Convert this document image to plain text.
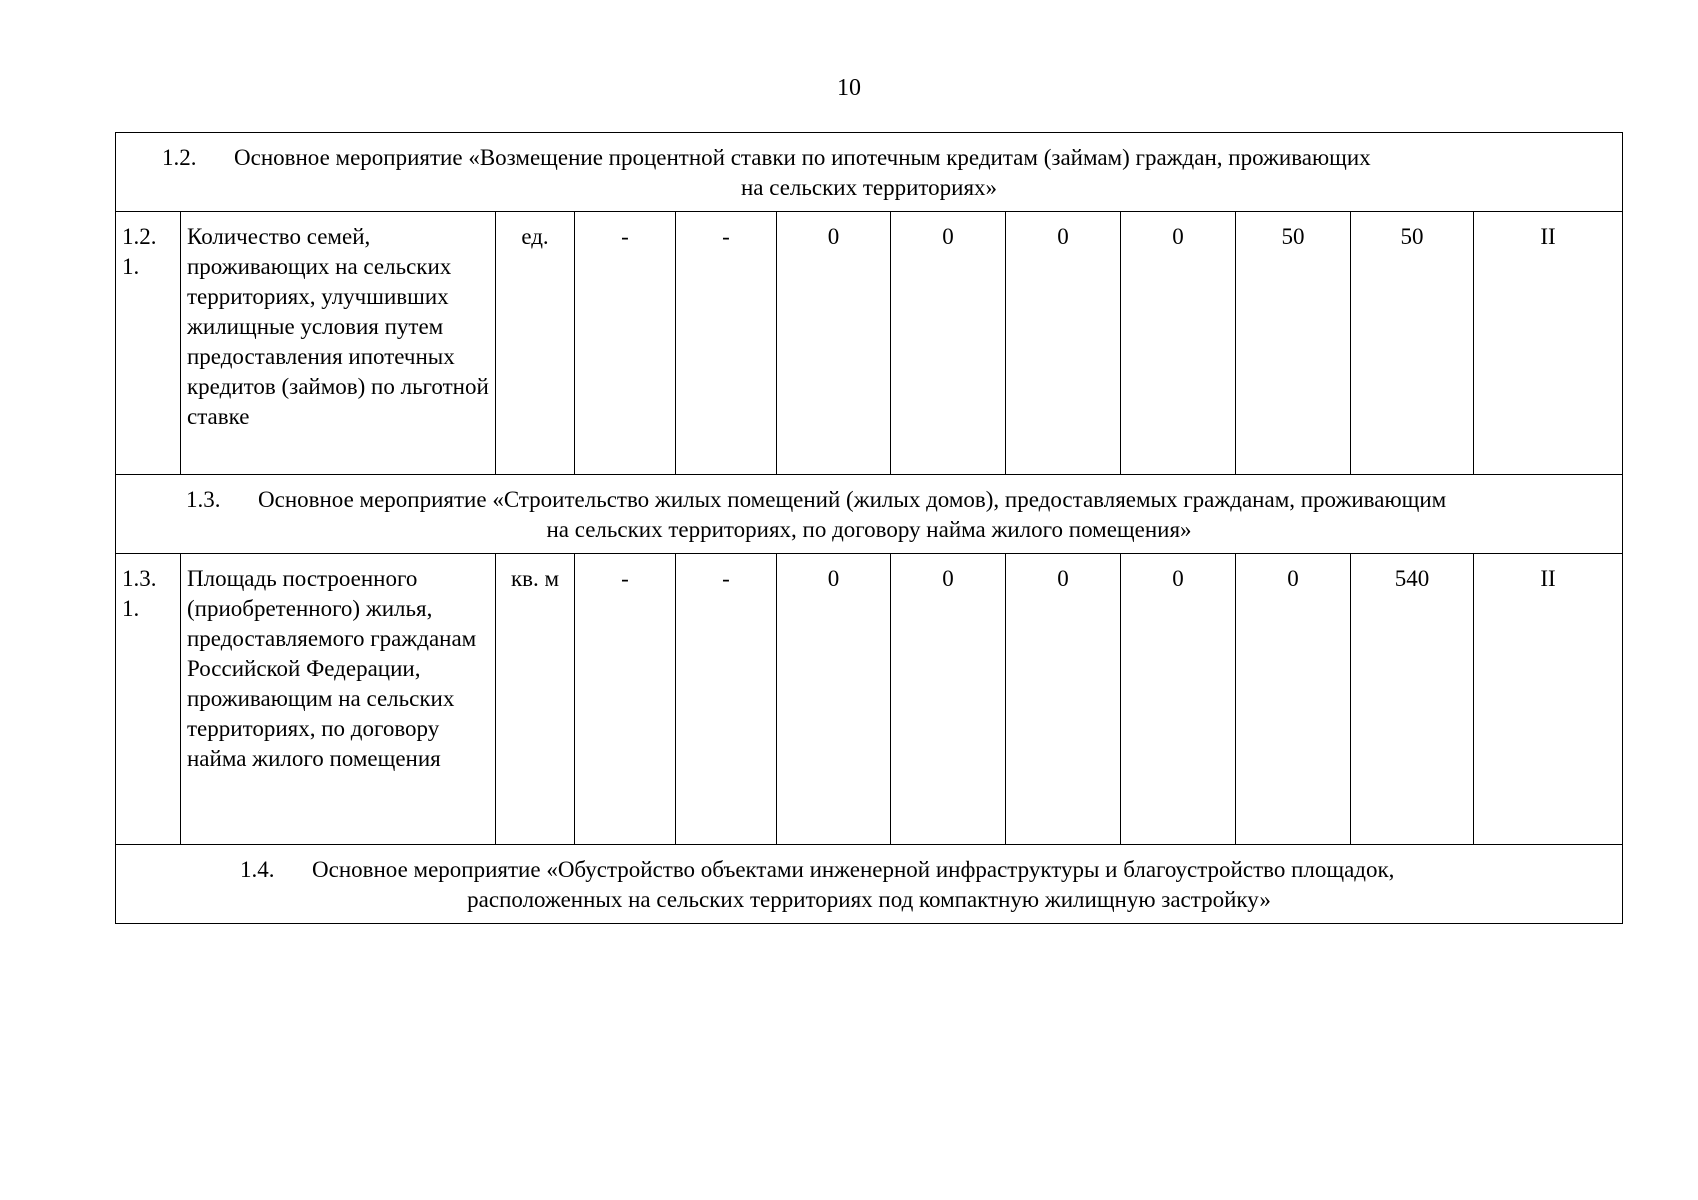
10
1.2. Основное мероприятие «Возмещение процентной ставки по ипотечным кредитам (займам) граждан, проживающих
на сельских территориях»											

1.2. 1.	Количество семей, проживающих на сельских территориях, улучшивших жилищные условия путем предоставления ипотечных кредитов (займов) по льготной ставке	ед.	-	-	0	0	0	0	50	50	II

1.3. Основное мероприятие «Строительство жилых помещений (жилых домов), предоставляемых гражданам, проживающим
на сельских территориях, по договору найма жилого помещения»											

1.3. 1.	Площадь построенного (приобретенного) жилья, предоставляемого гражданам Российской Федерации, проживающим на сельских территориях, по договору найма жилого помещения	кв. м	-	-	0	0	0	0	0	540	II

1.4. Основное мероприятие «Обустройство объектами инженерной инфраструктуры и благоустройство площадок,
расположенных на сельских территориях под компактную жилищную застройку»											
